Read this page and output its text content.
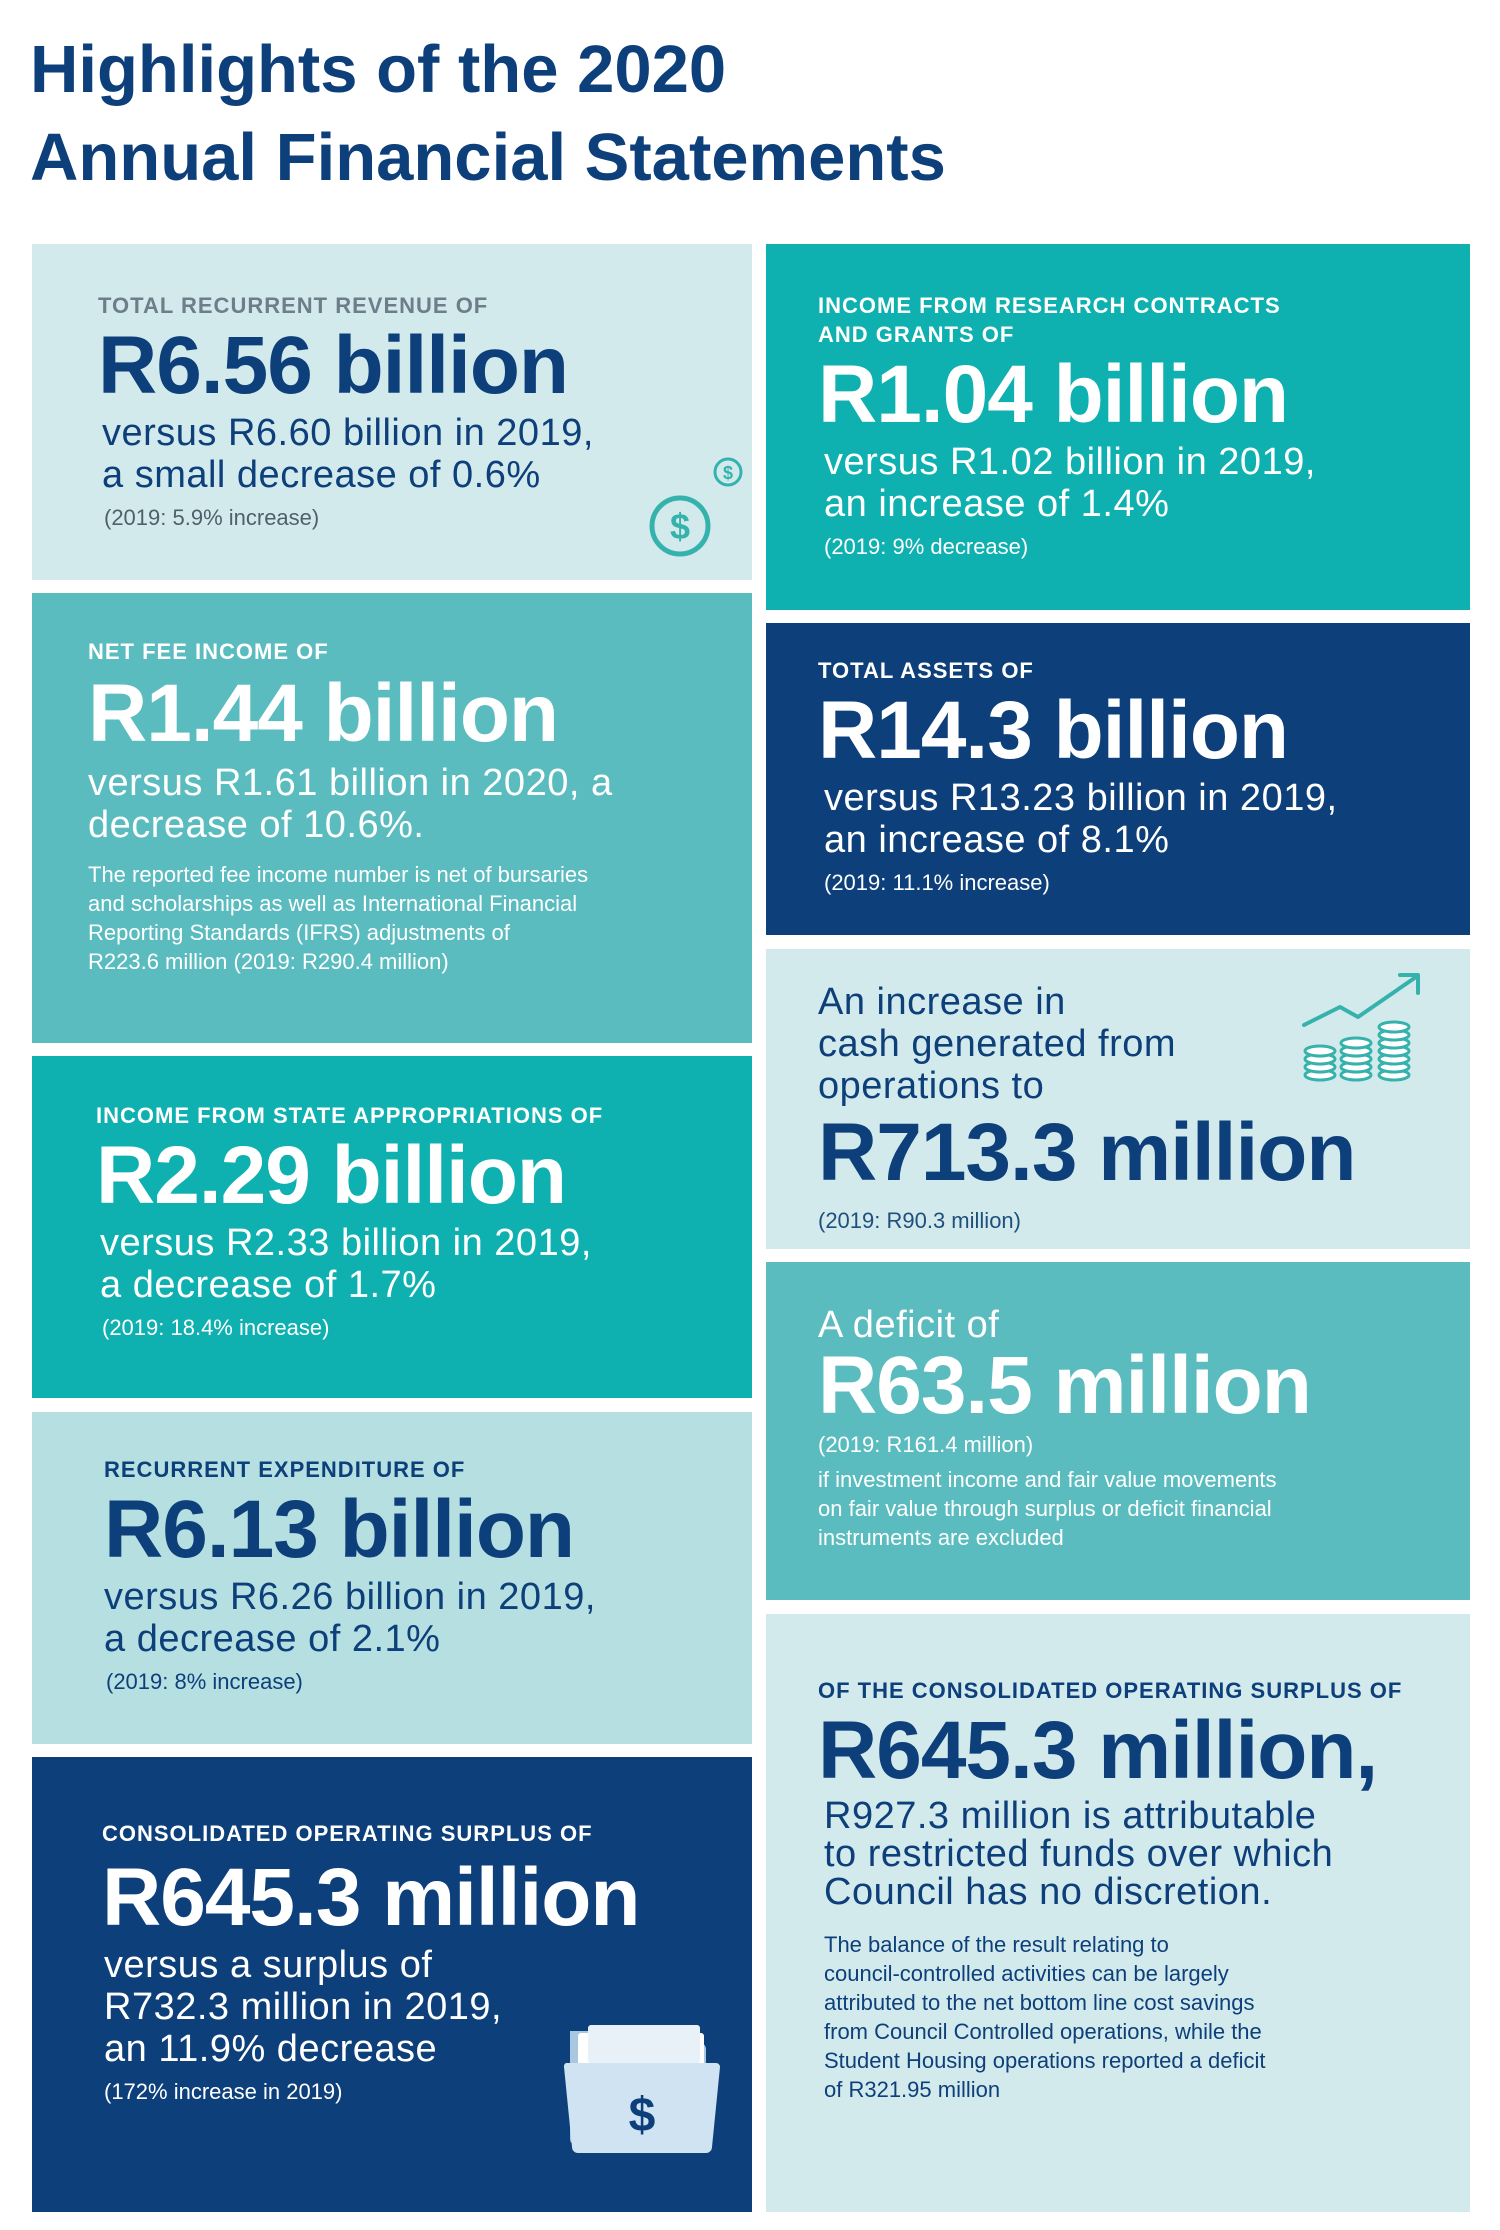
Highlights of the 2020
Annual Financial Statements
TOTAL RECURRENT REVENUE OF
R6.56 billion
versus R6.60 billion in 2019,
a small decrease of 0.6%
(2019: 5.9% increase)	$
$
NET FEE INCOME OF
R1.44 billion
versus R1.61 billion in 2020, a
decrease of 10.6%.
The reported fee income number is net of bursaries
and scholarships as well as International Financial
Reporting Standards (IFRS) adjustments of
R223.6 million (2019: R290.4 million)
INCOME FROM STATE APPROPRIATIONS OF
R2.29 billion
versus R2.33 billion in 2019,
a decrease of 1.7%
(2019: 18.4% increase)
RECURRENT EXPENDITURE OF
R6.13 billion
versus R6.26 billion in 2019,
a decrease of 2.1%
(2019: 8% increase)
CONSOLIDATED OPERATING SURPLUS OF
R645.3 million
versus a surplus of
R732.3 million in 2019,
an 11.9% decrease
(172% increase in 2019)	$
INCOME FROM RESEARCH CONTRACTS
AND GRANTS OF
R1.04 billion
versus R1.02 billion in 2019,
an increase of 1.4%
(2019: 9% decrease)
TOTAL ASSETS OF
R14.3 billion
versus R13.23 billion in 2019,
an increase of 8.1%
(2019: 11.1% increase)
An increase in
cash generated from
operations to
R713.3 million
(2019: R90.3 million)
A deficit of
R63.5 million
(2019: R161.4 million)
if investment income and fair value movements
on fair value through surplus or deficit financial
instruments are excluded
OF THE CONSOLIDATED OPERATING SURPLUS OF
R645.3 million,
R927.3 million is attributable
to restricted funds over which
Council has no discretion.
The balance of the result relating to
council-controlled activities can be largely
attributed to the net bottom line cost savings
from Council Controlled operations, while the
Student Housing operations reported a deficit
of R321.95 million
